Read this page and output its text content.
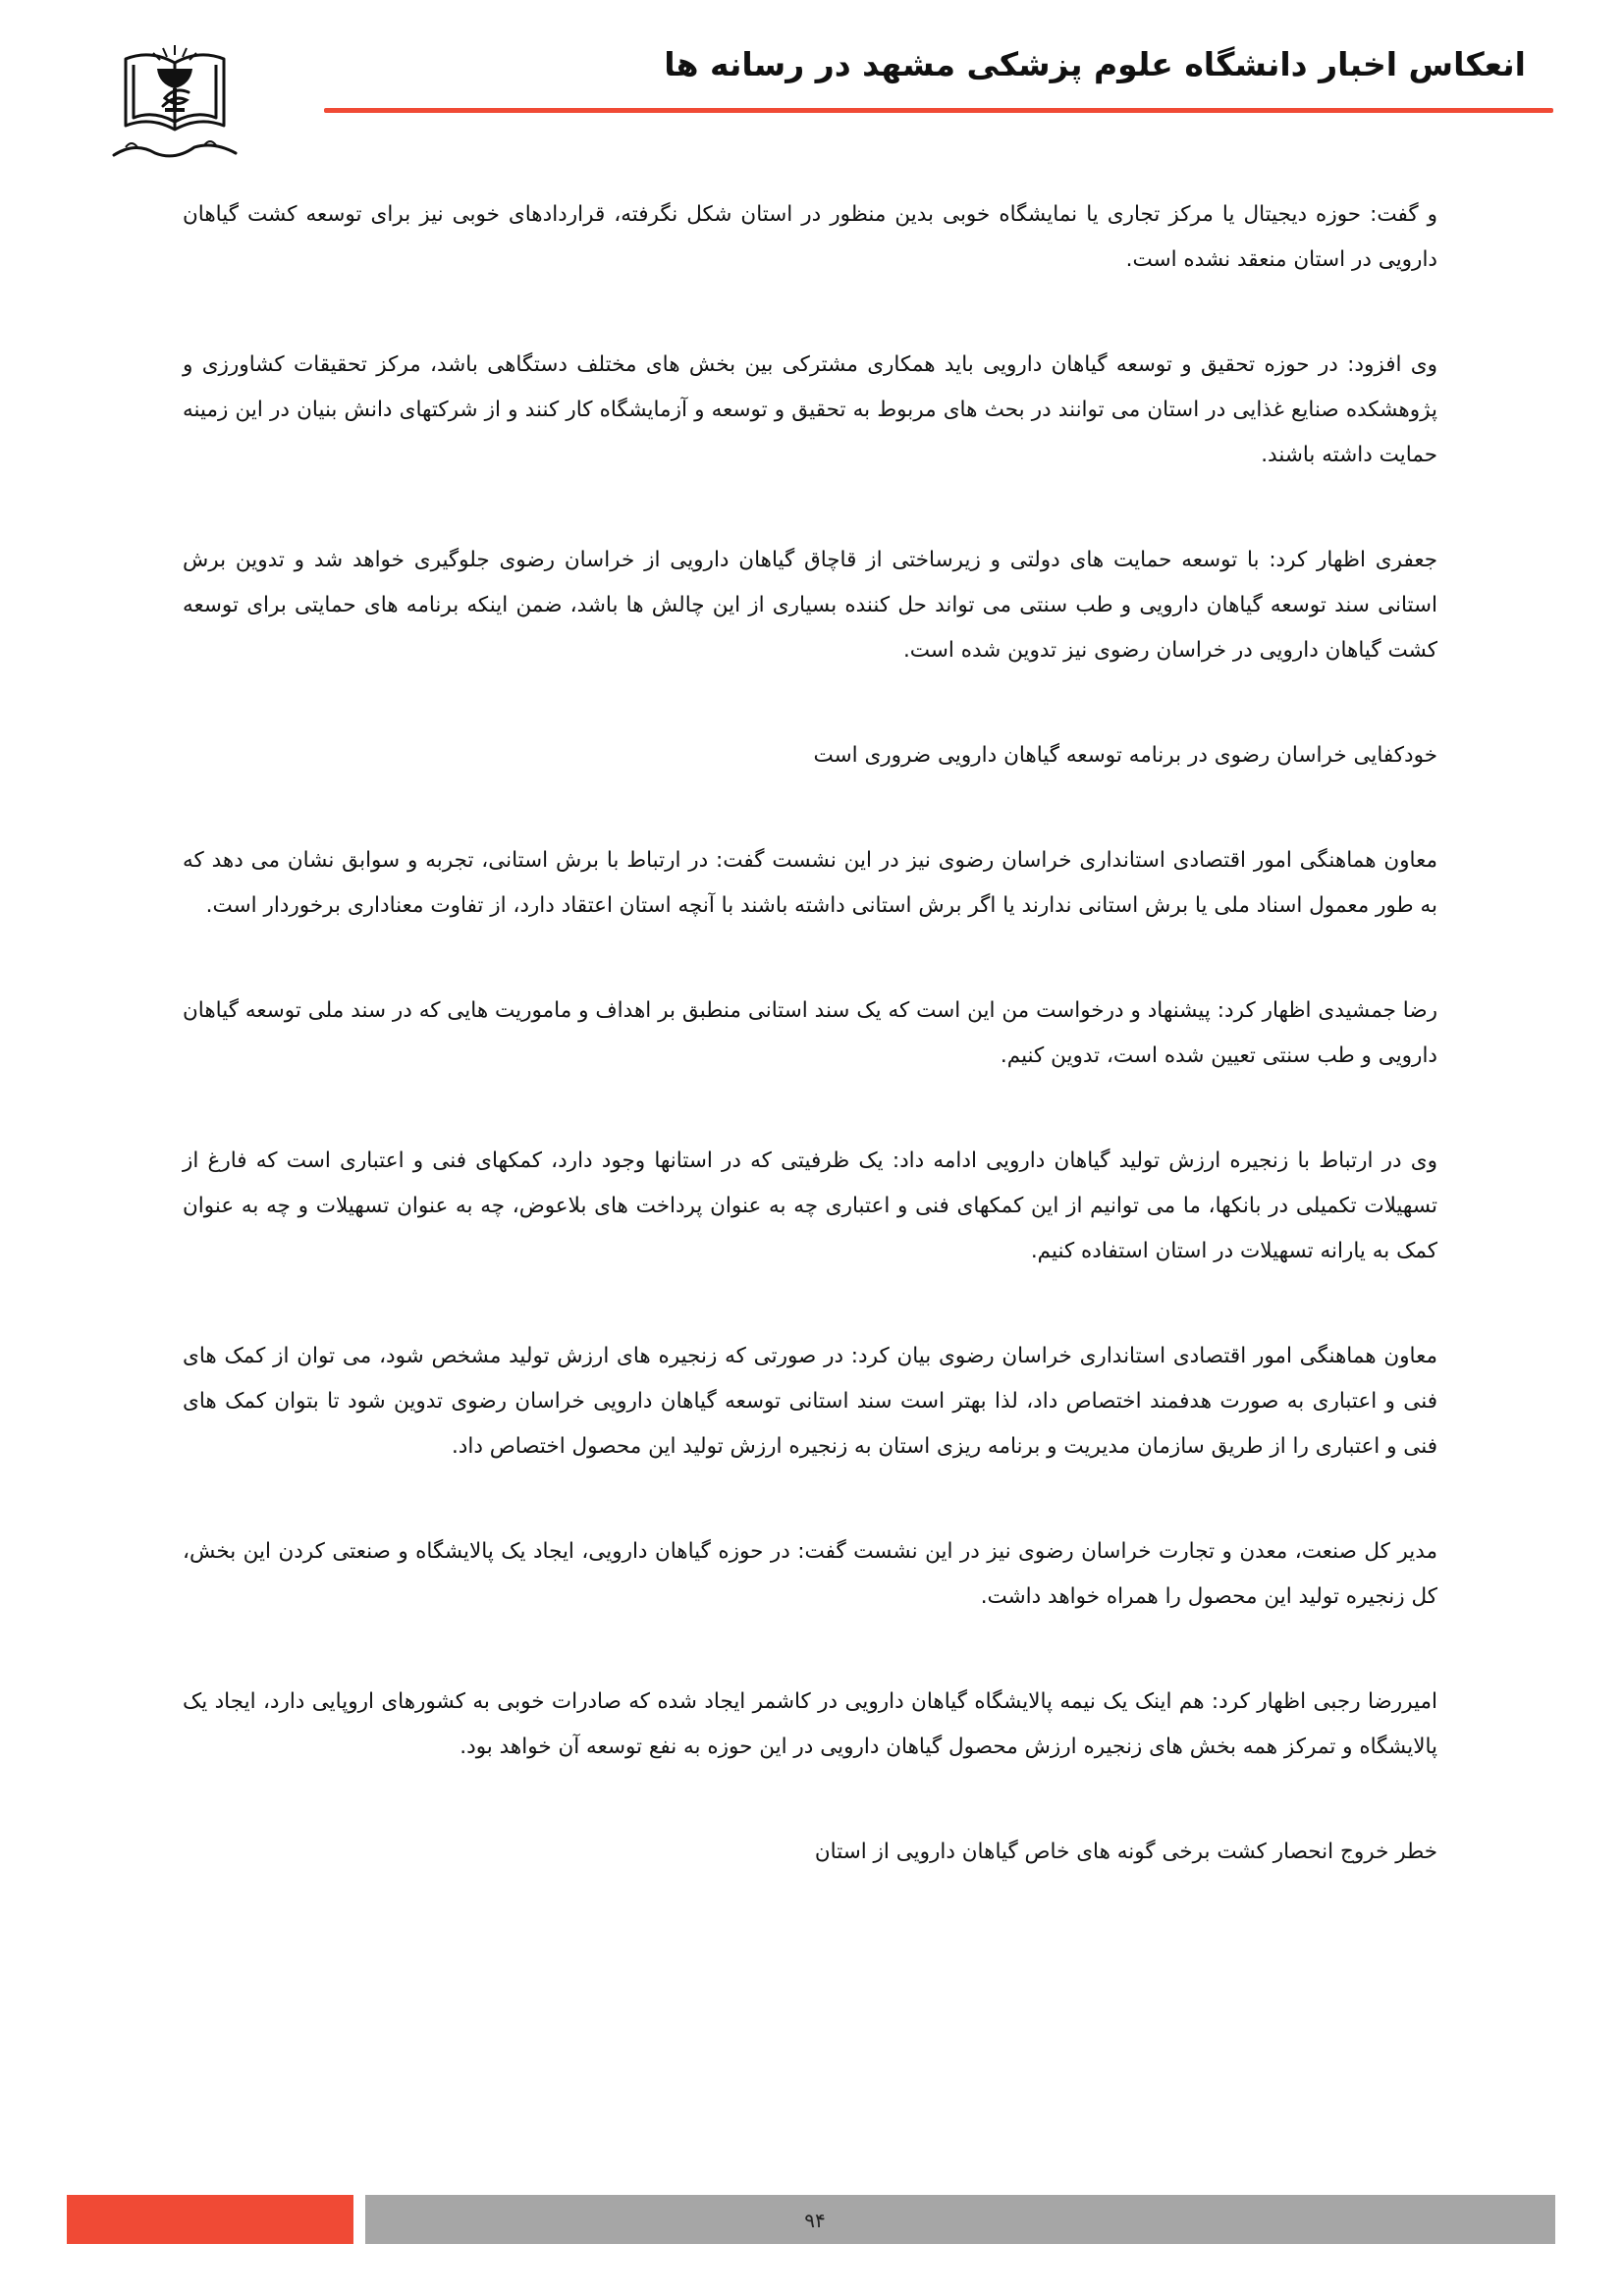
انعکاس اخبار دانشگاه علوم پزشکی مشهد در رسانه ها

و گفت: حوزه دیجیتال یا مرکز تجاری یا نمایشگاه خوبی بدین منظور در استان شکل نگرفته، قراردادهای خوبی نیز برای توسعه کشت گیاهان دارویی در استان منعقد نشده است.

وی افزود: در حوزه تحقیق و توسعه گیاهان دارویی باید همکاری مشترکی بین بخش های مختلف دستگاهی باشد، مرکز تحقیقات کشاورزی و پژوهشکده صنایع غذایی در استان می توانند در بحث های مربوط به تحقیق و توسعه و آزمایشگاه کار کنند و از شرکتهای دانش بنیان در این زمینه حمایت داشته باشند.

جعفری اظهار کرد: با توسعه حمایت های دولتی و زیرساختی از قاچاق گیاهان دارویی از خراسان رضوی جلوگیری خواهد شد و تدوین برش استانی سند توسعه گیاهان دارویی و طب سنتی می تواند حل کننده بسیاری از این چالش ها باشد، ضمن اینکه برنامه های حمایتی برای توسعه کشت گیاهان دارویی در خراسان رضوی نیز تدوین شده است.

خودکفایی خراسان رضوی در برنامه توسعه گیاهان دارویی ضروری است

معاون هماهنگی امور اقتصادی استانداری خراسان رضوی نیز در این نشست گفت: در ارتباط با برش استانی، تجربه و سوابق نشان می دهد که به طور معمول اسناد ملی یا برش استانی ندارند یا اگر برش استانی داشته باشند با آنچه استان اعتقاد دارد، از تفاوت معناداری برخوردار است.

رضا جمشیدی اظهار کرد: پیشنهاد و درخواست من این است که یک سند استانی منطبق بر اهداف و ماموریت هایی که در سند ملی توسعه گیاهان دارویی و طب سنتی تعیین شده است، تدوین کنیم.

وی در ارتباط با زنجیره ارزش تولید گیاهان دارویی ادامه داد: یک ظرفیتی که در استانها وجود دارد، کمکهای فنی و اعتباری است که فارغ از تسهیلات تکمیلی در بانکها، ما می توانیم از این کمکهای فنی و اعتباری چه به عنوان پرداخت های بلاعوض، چه به عنوان تسهیلات و چه به عنوان کمک به یارانه تسهیلات در استان استفاده کنیم.

معاون هماهنگی امور اقتصادی استانداری خراسان رضوی بیان کرد: در صورتی که زنجیره های ارزش تولید مشخص شود، می توان از کمک های فنی و اعتباری به صورت هدفمند اختصاص داد، لذا بهتر است سند استانی توسعه گیاهان دارویی خراسان رضوی تدوین شود تا بتوان کمک های فنی و اعتباری را از طریق سازمان مدیریت و برنامه ریزی استان به زنجیره ارزش تولید این محصول اختصاص داد.

مدیر کل صنعت، معدن و تجارت خراسان رضوی نیز در این نشست گفت: در حوزه گیاهان دارویی، ایجاد یک پالایشگاه و صنعتی کردن این بخش، کل زنجیره تولید این محصول را همراه خواهد داشت.

امیررضا رجبی اظهار کرد: هم اینک یک نیمه پالایشگاه گیاهان دارویی در کاشمر ایجاد شده که صادرات خوبی به کشورهای اروپایی دارد، ایجاد یک پالایشگاه و تمرکز همه بخش های زنجیره ارزش محصول گیاهان دارویی در این حوزه به نفع توسعه آن خواهد بود.

خطر خروج انحصار کشت برخی گونه های خاص گیاهان دارویی از استان

۹۴
